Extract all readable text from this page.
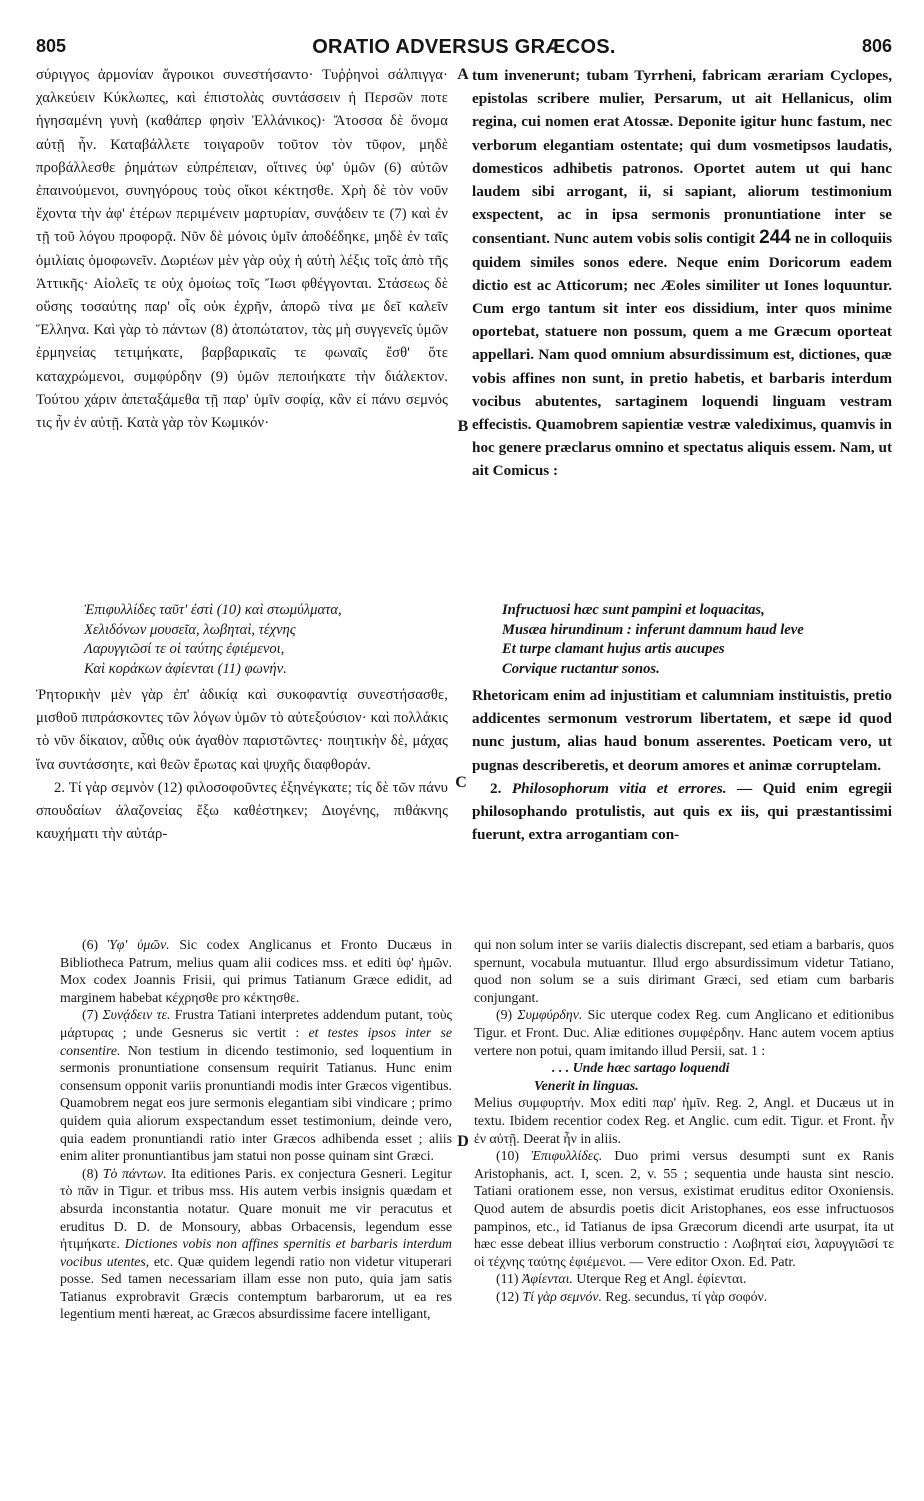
805	ORATIO ADVERSUS GRÆCOS.	806

σύριγγος ἁρμονίαν ἄγροικοι συνεστήσαντο· Τυῤῥηνοὶ σάλπιγγα· χαλκεύειν Κύκλωπες, καὶ ἐπιστολὰς συντάσσειν ἡ Περσῶν ποτε ἡγησαμένη γυνὴ (καθάπερ φησὶν Ἑλλάνικος)· Ἄτοσσα δὲ ὄνομα αὐτῇ ἦν. Καταβάλλετε τοιγαροῦν τοῦτον τὸν τῦφον, μηδὲ προβάλλεσθε ῥημάτων εὐπρέπειαν, οἵτινες ὑφ' ὑμῶν (6) αὐτῶν ἐπαινούμενοι, συνηγόρους τοὺς οἴκοι κέκτησθε. Χρὴ δὲ τὸν νοῦν ἔχοντα τὴν ἀφ' ἑτέρων περιμένειν μαρτυρίαν, συνᾴδειν τε (7) καὶ ἐν τῇ τοῦ λόγου προφορᾷ. Νῦν δὲ μόνοις ὑμῖν ἀποδέδηκε, μηδὲ ἐν ταῖς ὁμιλίαις ὁμοφωνεῖν. Δωριέων μὲν γὰρ οὐχ ἡ αὐτὴ λέξις τοῖς ἀπὸ τῆς Ἀττικῆς· Αἰολεῖς τε οὐχ ὁμοίως τοῖς Ἴωσι φθέγγονται. Στάσεως δὲ οὔσης τοσαύτης παρ' οἷς οὐκ ἐχρῆν, ἀπορῶ τίνα με δεῖ καλεῖν Ἕλληνα. Καὶ γὰρ τὸ πάντων (8) ἀτοπώτατον, τὰς μὴ συγγενεῖς ὑμῶν ἑρμηνείας τετιμήκατε, βαρβαρικαῖς τε φωναῖς ἔσθ' ὅτε καταχρώμενοι, συμφύρδην (9) ὑμῶν πεποιήκατε τὴν διάλεκτον. Τούτου χάριν ἀπεταξάμεθα τῇ παρ' ὑμῖν σοφίᾳ, κἂν εἰ πάνυ σεμνός τις ἦν ἐν αὐτῇ. Κατὰ γὰρ τὸν Κωμικόν·

tum invenerunt; tubam Tyrrheni, fabricam ærariam Cyclopes, epistolas scribere mulier, Persarum, ut ait Hellanicus, olim regina, cui nomen erat Atossæ. Deponite igitur hunc fastum, nec verborum elegantiam ostentate; qui dum vosmetipsos laudatis, domesticos adhibetis patronos. Oportet autem ut qui hanc laudem sibi arrogant, ii, si sapiant, aliorum testimonium exspectent, ac in ipsa sermonis pronuntiatione inter se consentiant. Nunc autem vobis solis contigit 244 ne in colloquiis quidem similes sonos edere. Neque enim Doricorum eadem dictio est ac Atticorum; nec Æoles similiter ut Iones loquuntur. Cum ergo tantum sit inter eos dissidium, inter quos minime oportebat, statuere non possum, quem a me Græcum oporteat appellari. Nam quod omnium absurdissimum est, dictiones, quæ vobis affines non sunt, in pretio habetis, et barbaris interdum vocibus abutentes, sartaginem loquendi linguam vestram effecistis. Quamobrem sapientiæ vestræ valediximus, quamvis in hoc genere præclarus omnino et spectatus aliquis essem. Nam, ut ait Comicus :

Ἐπιφυλλίδες ταῦτ' ἐστὶ (10) καὶ στωμύλματα,
Χελιδόνων μουσεῖα, λωβηταὶ, τέχνης
Λαρυγγιῶσί τε οἱ ταύτης ἐφιέμενοι,
Καὶ κοράκων ἀφίενται (11) φωνήν.
Infructuosi hæc sunt pampini et loquacitas,
Musæa hirundinum : inferunt damnum haud leve
Et turpe clamant hujus artis aucupes
Corvique ructantur sonos.

Ῥητορικὴν μὲν γὰρ ἐπ' ἀδικίᾳ καὶ συκοφαντίᾳ συνεστήσασθε, μισθοῦ πιπράσκοντες τῶν λόγων ὑμῶν τὸ αὐτεξούσιον· καὶ πολλάκις τὸ νῦν δίκαιον, αὖθις οὐκ ἀγαθὸν παριστῶντες· ποιητικὴν δὲ, μάχας ἵνα συντάσσητε, καὶ θεῶν ἔρωτας καὶ ψυχῆς διαφθοράν.

2. Τί γὰρ σεμνὸν (12) φιλοσοφοῦντες ἐξηνέγκατε; τίς δὲ τῶν πάνυ σπουδαίων ἀλαζονείας ἔξω καθέστηκεν; Διογένης, πιθάκνης καυχήματι τὴν αὐτάρ-

Rhetoricam enim ad injustitiam et calumniam instituistis, pretio addicentes sermonum vestrorum libertatem, et sæpe id quod nunc justum, alias haud bonum asserentes. Poeticam vero, ut pugnas describeretis, et deorum amores et animæ corruptelam.

2. Philosophorum vitia et errores. — Quid enim egregii philosophando protulistis, aut quis ex iis, qui præstantissimi fuerunt, extra arrogantiam con-

A
B
C
D

(6) Ὑφ' ὑμῶν. Sic codex Anglicanus et Fronto Ducæus in Bibliotheca Patrum, melius quam alii codices mss. et editi ὑφ' ἡμῶν. Mox codex Joannis Frisii, qui primus Tatianum Græce edidit, ad marginem habebat κέχρησθε pro κέκτησθε.

(7) Συνᾴδειν τε. Frustra Tatiani interpretes addendum putant, τοὺς μάρτυρας ; unde Gesnerus sic vertit : et testes ipsos inter se consentire. Non testium in dicendo testimonio, sed loquentium in sermonis pronuntiatione consensum requirit Tatianus. Hunc enim consensum opponit variis pronuntiandi modis inter Græcos vigentibus. Quamobrem negat eos jure sermonis elegantiam sibi vindicare ; primo quidem quia aliorum exspectandum esset testimonium, deinde vero, quia eadem pronuntiandi ratio inter Græcos adhibenda esset ; aliis enim aliter pronuntiantibus jam statui non posse quinam sint Græci.

(8) Τὸ πάντων. Ita editiones Paris. ex conjectura Gesneri. Legitur τὸ πᾶν in Tigur. et tribus mss. His autem verbis insignis quædam et absurda inconstantia notatur. Quare monuit me vir peracutus et eruditus D. D. de Monsoury, abbas Orbacensis, legendum esse ἠτιμήκατε. Dictiones vobis non affines spernitis et barbaris interdum vocibus utentes, etc. Quæ quidem legendi ratio non videtur vituperari posse. Sed tamen necessariam illam esse non puto, quia jam satis Tatianus exprobravit Græcis contemptum barbarorum, ut ea res legentium menti hæreat, ac Græcos absurdissime facere intelligant,

qui non solum inter se variis dialectis discrepant, sed etiam a barbaris, quos spernunt, vocabula mutuantur. Illud ergo absurdissimum videtur Tatiano, quod non solum se a suis dirimant Græci, sed etiam cum barbaris conjungant.

(9) Συμφύρδην. Sic uterque codex Reg. cum Anglicano et editionibus Tigur. et Front. Duc. Aliæ editiones συμφέρδην. Hanc autem vocem aptius vertere non potui, quam imitando illud Persii, sat. 1 :

. . . Unde hæc sartago loquendi

Venerit in linguas.

Melius συμφυρτήν. Mox editi παρ' ἡμῖν. Reg. 2, Angl. et Ducæus ut in textu. Ibidem recentior codex Reg. et Anglic. cum edit. Tigur. et Front. ἦν ἐν αὐτῇ. Deerat ἦν in aliis.

(10) Ἐπιφυλλίδες. Duo primi versus desumpti sunt ex Ranis Aristophanis, act. I, scen. 2, v. 55 ; sequentia unde hausta sint nescio. Tatiani orationem esse, non versus, existimat eruditus editor Oxoniensis. Quod autem de absurdis poetis dicit Aristophanes, eos esse infructuosos pampinos, etc., id Tatianus de ipsa Græcorum dicendi arte usurpat, ita ut hæc esse debeat illius verborum constructio : Λωβηταί εἰσι, λαρυγγιῶσί τε οἱ τέχνης ταύτης ἐφιέμενοι. — Vere editor Oxon. Ed. Patr.

(11) Ἀφίενται. Uterque Reg et Angl. ἐφίενται.

(12) Τί γὰρ σεμνόν. Reg. secundus, τί γὰρ σοφόν.
